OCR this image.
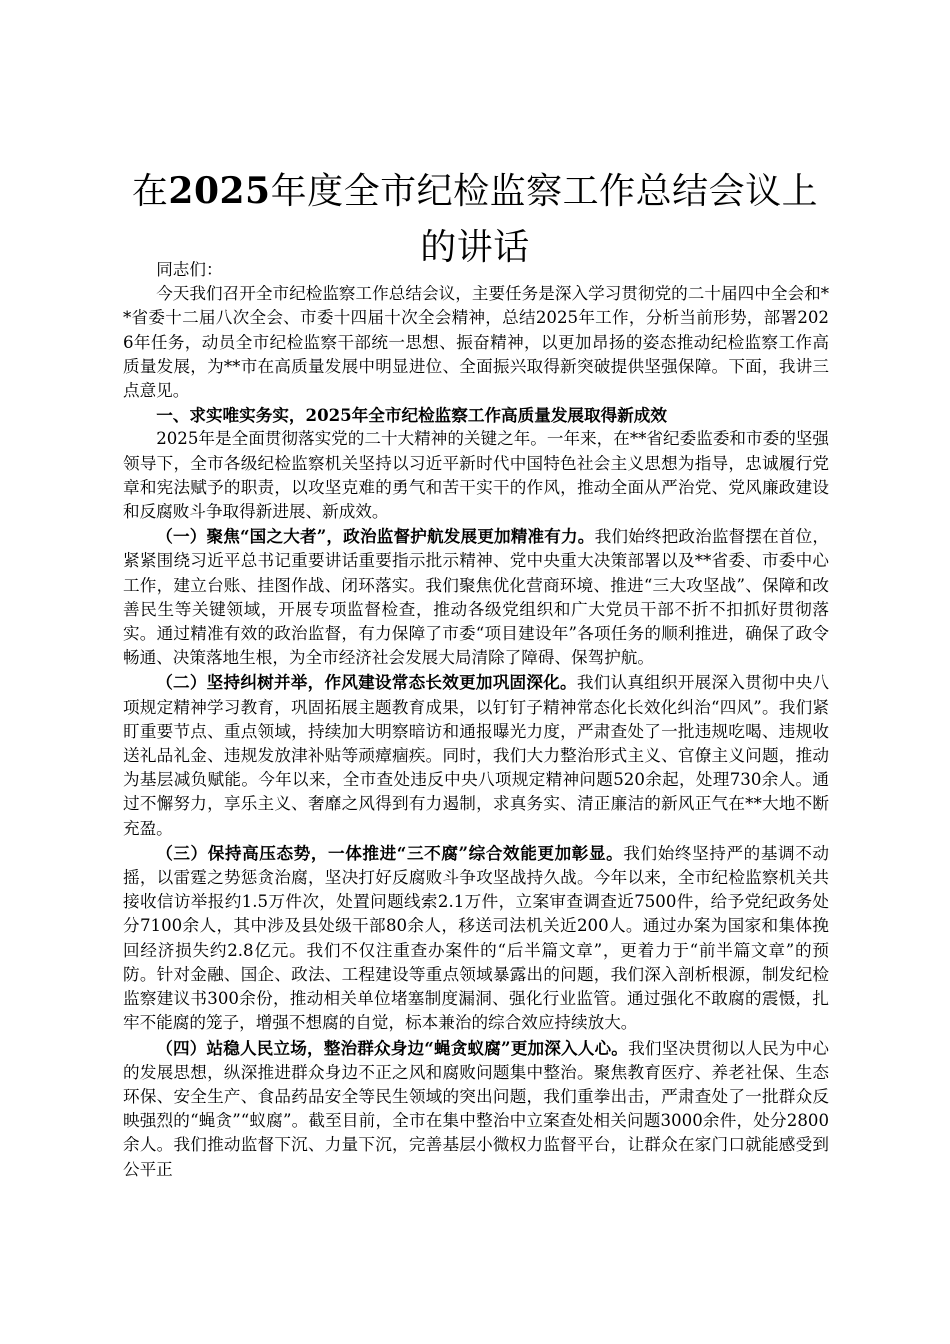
在2025年度全市纪检监察工作总结会议上的讲话

同志们：

今天我们召开全市纪检监察工作总结会议，主要任务是深入学习贯彻党的二十届四中全会和**省委十二届八次全会、市委十四届十次全会精神，总结2025年工作，分析当前形势，部署2026年任务，动员全市纪检监察干部统一思想、振奋精神，以更加昂扬的姿态推动纪检监察工作高质量发展，为**市在高质量发展中明显进位、全面振兴取得新突破提供坚强保障。下面，我讲三点意见。

一、求实唯实务实，2025年全市纪检监察工作高质量发展取得新成效

2025年是全面贯彻落实党的二十大精神的关键之年。一年来，在**省纪委监委和市委的坚强领导下，全市各级纪检监察机关坚持以习近平新时代中国特色社会主义思想为指导，忠诚履行党章和宪法赋予的职责，以攻坚克难的勇气和苦干实干的作风，推动全面从严治党、党风廉政建设和反腐败斗争取得新进展、新成效。

（一）聚焦“国之大者”，政治监督护航发展更加精准有力。我们始终把政治监督摆在首位，紧紧围绕习近平总书记重要讲话重要指示批示精神、党中央重大决策部署以及**省委、市委中心工作，建立台账、挂图作战、闭环落实。我们聚焦优化营商环境、推进“三大攻坚战”、保障和改善民生等关键领域，开展专项监督检查，推动各级党组织和广大党员干部不折不扣抓好贯彻落实。通过精准有效的政治监督，有力保障了市委“项目建设年”各项任务的顺利推进，确保了政令畅通、决策落地生根，为全市经济社会发展大局清除了障碍、保驾护航。

（二）坚持纠树并举，作风建设常态长效更加巩固深化。我们认真组织开展深入贯彻中央八项规定精神学习教育，巩固拓展主题教育成果，以钉钉子精神常态化长效化纠治“四风”。我们紧盯重要节点、重点领域，持续加大明察暗访和通报曝光力度，严肃查处了一批违规吃喝、违规收送礼品礼金、违规发放津补贴等顽瘴痼疾。同时，我们大力整治形式主义、官僚主义问题，推动为基层减负赋能。今年以来，全市查处违反中央八项规定精神问题520余起，处理730余人。通过不懈努力，享乐主义、奢靡之风得到有力遏制，求真务实、清正廉洁的新风正气在**大地不断充盈。

（三）保持高压态势，一体推进“三不腐”综合效能更加彰显。我们始终坚持严的基调不动摇，以雷霆之势惩贪治腐，坚决打好反腐败斗争攻坚战持久战。今年以来，全市纪检监察机关共接收信访举报约1.5万件次，处置问题线索2.1万件，立案审查调查近7500件，给予党纪政务处分7100余人，其中涉及县处级干部80余人，移送司法机关近200人。通过办案为国家和集体挽回经济损失约2.8亿元。我们不仅注重查办案件的“后半篇文章”，更着力于“前半篇文章”的预防。针对金融、国企、政法、工程建设等重点领域暴露出的问题，我们深入剖析根源，制发纪检监察建议书300余份，推动相关单位堵塞制度漏洞、强化行业监管。通过强化不敢腐的震慑，扎牢不能腐的笼子，增强不想腐的自觉，标本兼治的综合效应持续放大。

（四）站稳人民立场，整治群众身边“蝇贪蚁腐”更加深入人心。我们坚决贯彻以人民为中心的发展思想，纵深推进群众身边不正之风和腐败问题集中整治。聚焦教育医疗、养老社保、生态环保、安全生产、食品药品安全等民生领域的突出问题，我们重拳出击，严肃查处了一批群众反映强烈的“蝇贪”“蚁腐”。截至目前，全市在集中整治中立案查处相关问题3000余件，处分2800余人。我们推动监督下沉、力量下沉，完善基层小微权力监督平台，让群众在家门口就能感受到公平正
